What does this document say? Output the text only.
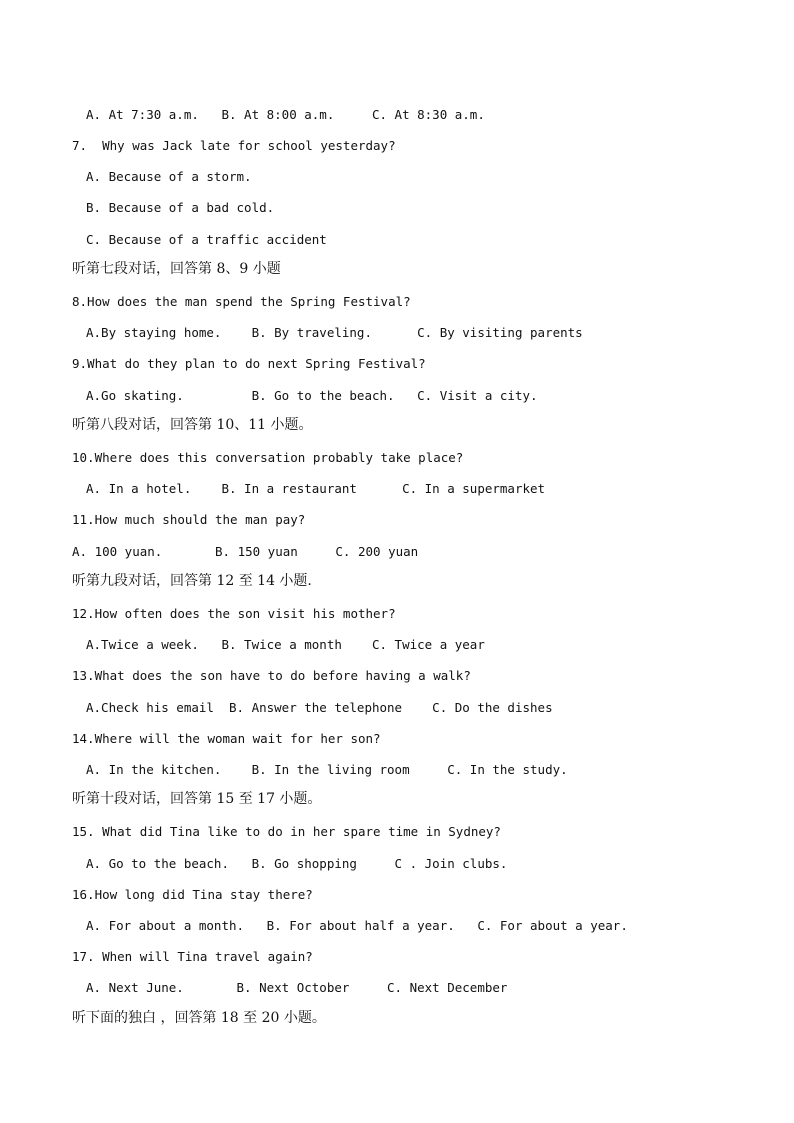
A. At 7:30 a.m.   B. At 8:00 a.m.     C. At 8:30 a.m.
7.  Why was Jack late for school yesterday?
A. Because of a storm.
B. Because of a bad cold.
C. Because of a traffic accident
听第七段对话，回答第 8、9 小题
8.How does the man spend the Spring Festival?
A.By staying home.    B. By traveling.      C. By visiting parents
9.What do they plan to do next Spring Festival?
A.Go skating.         B. Go to the beach.   C. Visit a city.
听第八段对话，回答第 10、11 小题。
10.Where does this conversation probably take place?
A. In a hotel.    B. In a restaurant      C. In a supermarket
11.How much should the man pay?
A. 100 yuan.       B. 150 yuan     C. 200 yuan
听第九段对话，回答第 12 至 14 小题.
12.How often does the son visit his mother?
A.Twice a week.   B. Twice a month    C. Twice a year
13.What does the son have to do before having a walk?
A.Check his email  B. Answer the telephone    C. Do the dishes
14.Where will the woman wait for her son?
A. In the kitchen.    B. In the living room     C. In the study.
听第十段对话，回答第 15 至 17 小题。
15. What did Tina like to do in her spare time in Sydney?
A. Go to the beach.   B. Go shopping     C . Join clubs.
16.How long did Tina stay there?
A. For about a month.   B. For about half a year.   C. For about a year.
17. When will Tina travel again?
A. Next June.       B. Next October     C. Next December
听下面的独白 ，回答第 18 至 20 小题。
